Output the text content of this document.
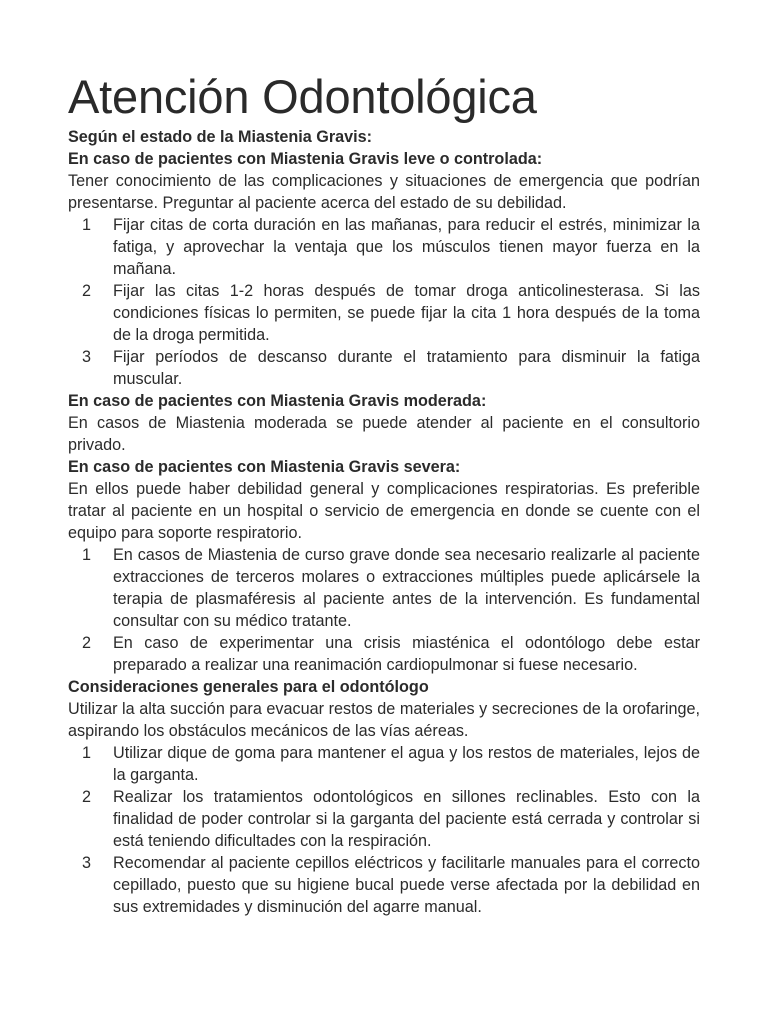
Atención Odontológica

Según el estado de la Miastenia Gravis:

En caso de pacientes con Miastenia Gravis leve o controlada:

Tener conocimiento de las complicaciones y situaciones de emergencia que podrían presentarse. Preguntar al paciente acerca del estado de su debilidad.

1	Fijar citas de corta duración en las mañanas, para reducir el estrés, minimizar la fatiga, y aprovechar la ventaja que los músculos tienen mayor fuerza en la mañana.
2	Fijar las citas 1-2 horas después de tomar droga anticolinesterasa. Si las condiciones físicas lo permiten, se puede fijar la cita 1 hora después de la toma de la droga permitida.
3	Fijar períodos de descanso durante el tratamiento para disminuir la fatiga muscular.

En caso de pacientes con Miastenia Gravis moderada:

En casos de Miastenia moderada se puede atender al paciente en el consultorio privado.

En caso de pacientes con Miastenia Gravis severa:

En ellos puede haber debilidad general y complicaciones respiratorias. Es preferible tratar al paciente en un hospital o servicio de emergencia en donde se cuente con el equipo para soporte respiratorio.

1	En casos de Miastenia de curso grave donde sea necesario realizarle al paciente extracciones de terceros molares o extracciones múltiples puede aplicársele la terapia de plasmaféresis al paciente antes de la intervención. Es fundamental consultar con su médico tratante.
2	En caso de experimentar una crisis miasténica el odontólogo debe estar preparado a realizar una reanimación cardiopulmonar si fuese necesario.

Consideraciones generales para el odontólogo

Utilizar la alta succión para evacuar restos de materiales y secreciones de la orofaringe, aspirando los obstáculos mecánicos de las vías aéreas.

1	Utilizar dique de goma para mantener el agua y los restos de materiales, lejos de la garganta.
2	Realizar los tratamientos odontológicos en sillones reclinables. Esto con la finalidad de poder controlar si la garganta del paciente está cerrada y controlar si está teniendo dificultades con la respiración.
3	Recomendar al paciente cepillos eléctricos y facilitarle manuales para el correcto cepillado, puesto que su higiene bucal puede verse afectada por la debilidad en sus extremidades y disminución del agarre manual.
